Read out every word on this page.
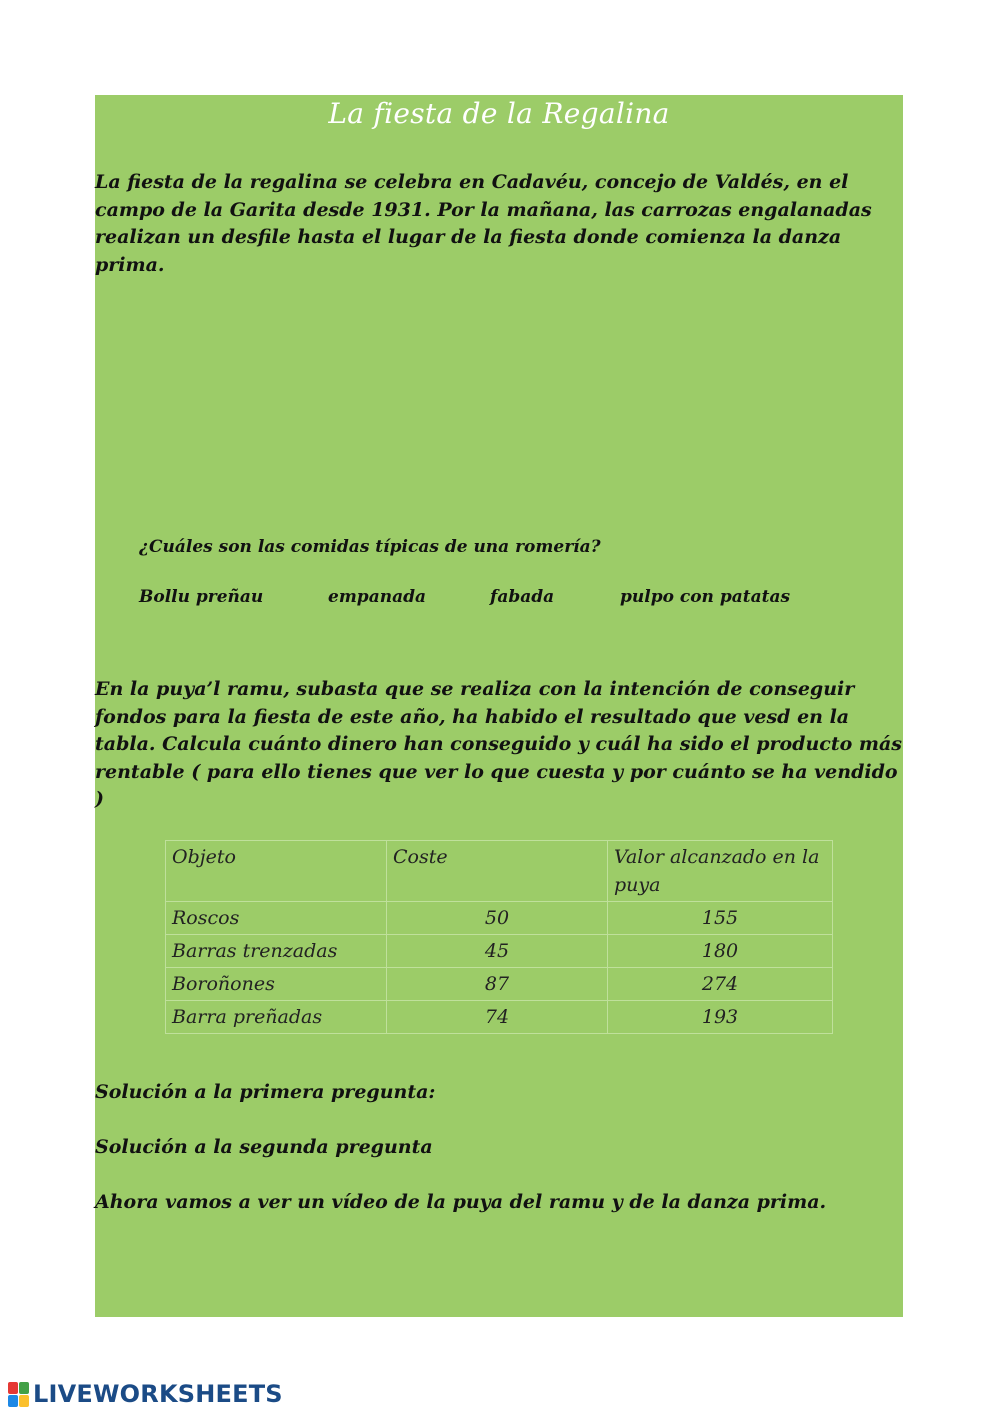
La fiesta de la Regalina
La fiesta de la regalina se celebra en Cadavéu, concejo de Valdés, en el campo de la Garita desde 1931. Por la mañana, las carrozas engalanadas realizan un desfile hasta el lugar de la fiesta donde comienza la danza prima.
¿Cuáles son las comidas típicas de una romería?
Bollu preñau	empanada	fabada	pulpo con patatas
En la puya’l ramu, subasta que se realiza con la intención de conseguir fondos para la fiesta de este año, ha habido el resultado que vesd en la tabla. Calcula cuánto dinero han conseguido y cuál ha sido el producto más rentable ( para ello tienes que ver lo que cuesta y por cuánto se ha vendido )
Objeto	Coste	Valor alcanzado en la puya
Roscos	50	155
Barras trenzadas	45	180
Boroñones	87	274
Barra preñadas	74	193
Solución a la primera pregunta:
Solución a la segunda pregunta
Ahora vamos a ver un vídeo de la puya del ramu y de la danza prima.
LIVEWORKSHEETS
